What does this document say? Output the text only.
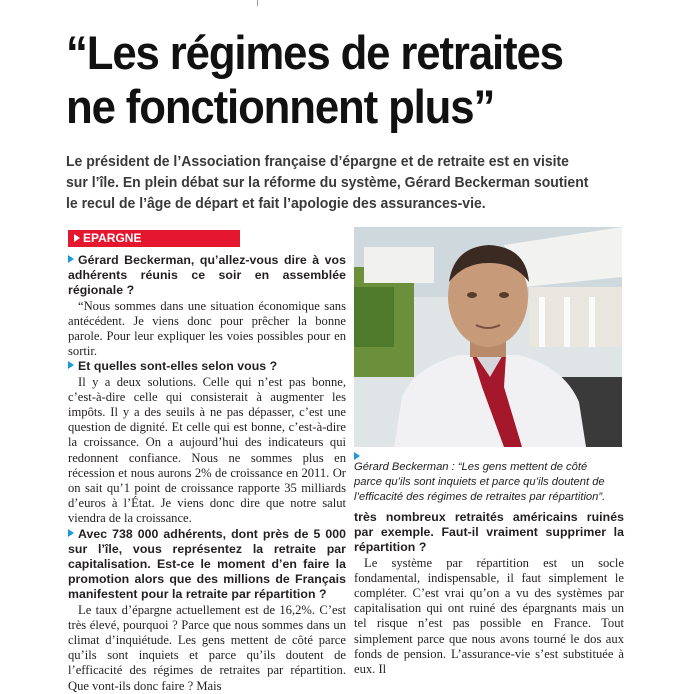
“Les régimes de retraites
ne fonctionnent plus”
Le président de l’Association française d’épargne et de retraite est en visite
sur l’île. En plein débat sur la réforme du système, Gérard Beckerman soutient
le recul de l’âge de départ et fait l’apologie des assurances-vie.
EPARGNE

Gérard Beckerman, qu’allez-vous dire à vos adhérents réunis ce soir en assemblée régionale ?

“Nous sommes dans une situation économique sans antécédent. Je viens donc pour prêcher la bonne parole. Pour leur expliquer les voies possibles pour en sortir.

Et quelles sont-elles selon vous ?

Il y a deux solutions. Celle qui n’est pas bonne, c’est-à-dire celle qui consisterait à augmenter les impôts. Il y a des seuils à ne pas dépasser, c’est une question de dignité. Et celle qui est bonne, c’est-à-dire la croissance. On a aujourd’hui des indicateurs qui redonnent confiance. Nous ne sommes plus en récession et nous aurons 2% de croissance en 2011. Or on sait qu’1 point de croissance rapporte 35 milliards d’euros à l’État. Je viens donc dire que notre salut viendra de la croissance.

Avec 738 000 adhérents, dont près de 5 000 sur l’île, vous représentez la retraite par capitalisation. Est-ce le moment d’en faire la promotion alors que des millions de Français manifestent pour la retraite par répartition ?

Le taux d’épargne actuellement est de 16,2%. C’est très élevé, pourquoi ? Parce que nous sommes dans un climat d’inquiétude. Les gens mettent de côté parce qu’ils sont inquiets et parce qu’ils doutent de l’efficacité des régimes de retraites par répartition. Que vont-ils donc faire ? Mais

Gérard Beckerman : “Les gens mettent de côté
parce qu’ils sont inquiets et parce qu’ils doutent de
l’efficacité des régimes de retraites par répartition”.

très nombreux retraités américains ruinés par exemple. Faut-il vraiment supprimer la répartition ?

Le système par répartition est un socle fondamental, indispensable, il faut simplement le compléter. C’est vrai qu’on a vu des systèmes par capitalisation qui ont ruiné des épargnants mais un tel risque n’est pas possible en France. Tout simplement parce que nous avons tourné le dos aux fonds de pension. L’assurance-vie s’est substituée à eux. Il
